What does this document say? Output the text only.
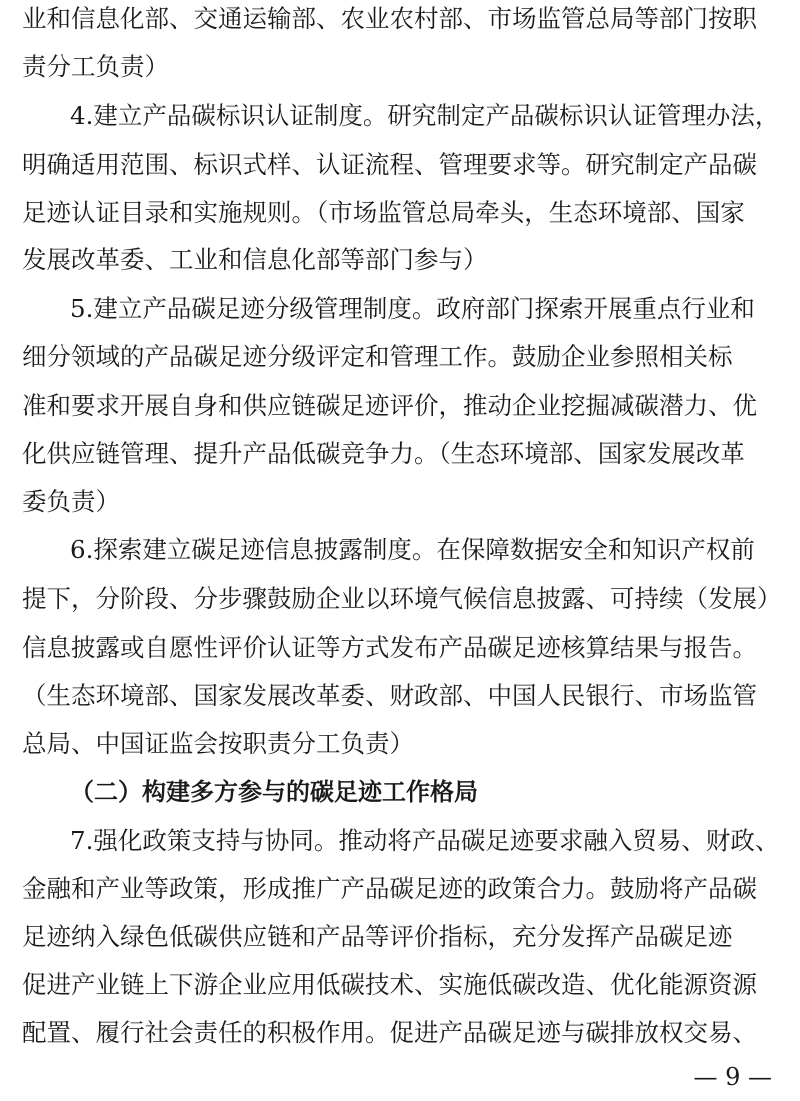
业和信息化部、交通运输部、农业农村部、市场监管总局等部门按职
责分工负责）
4.建立产品碳标识认证制度。研究制定产品碳标识认证管理办法，
明确适用范围、标识式样、认证流程、管理要求等。研究制定产品碳
足迹认证目录和实施规则。（市场监管总局牵头，生态环境部、国家
发展改革委、工业和信息化部等部门参与）
5.建立产品碳足迹分级管理制度。政府部门探索开展重点行业和
细分领域的产品碳足迹分级评定和管理工作。鼓励企业参照相关标
准和要求开展自身和供应链碳足迹评价，推动企业挖掘减碳潜力、优
化供应链管理、提升产品低碳竞争力。（生态环境部、国家发展改革
委负责）
6.探索建立碳足迹信息披露制度。在保障数据安全和知识产权前
提下，分阶段、分步骤鼓励企业以环境气候信息披露、可持续（发展）
信息披露或自愿性评价认证等方式发布产品碳足迹核算结果与报告。
（生态环境部、国家发展改革委、财政部、中国人民银行、市场监管
总局、中国证监会按职责分工负责）
（二）构建多方参与的碳足迹工作格局
7.强化政策支持与协同。推动将产品碳足迹要求融入贸易、财政、
金融和产业等政策，形成推广产品碳足迹的政策合力。鼓励将产品碳
足迹纳入绿色低碳供应链和产品等评价指标，充分发挥产品碳足迹
促进产业链上下游企业应用低碳技术、实施低碳改造、优化能源资源
配置、履行社会责任的积极作用。促进产品碳足迹与碳排放权交易、
— 9 —
